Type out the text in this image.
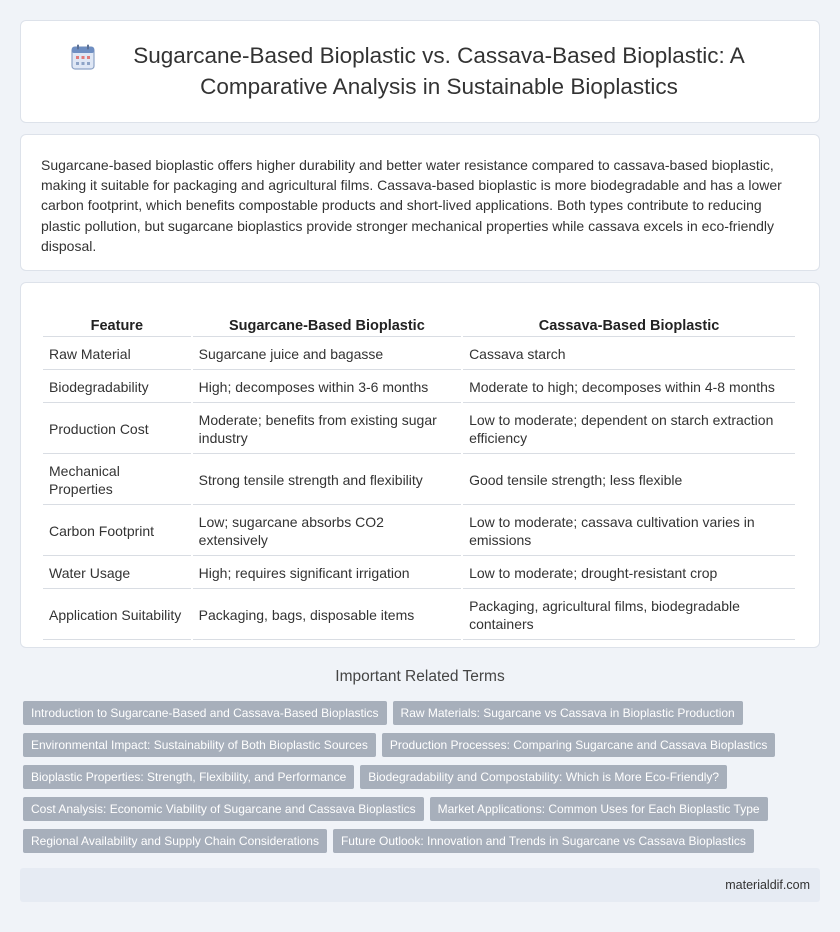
Sugarcane-Based Bioplastic vs. Cassava-Based Bioplastic: A Comparative Analysis in Sustainable Bioplastics

Sugarcane-based bioplastic offers higher durability and better water resistance compared to cassava-based bioplastic, making it suitable for packaging and agricultural films. Cassava-based bioplastic is more biodegradable and has a lower carbon footprint, which benefits compostable products and short-lived applications. Both types contribute to reducing plastic pollution, but sugarcane bioplastics provide stronger mechanical properties while cassava excels in eco-friendly disposal.

Feature	Sugarcane-Based Bioplastic	Cassava-Based Bioplastic
Raw Material	Sugarcane juice and bagasse	Cassava starch
Biodegradability	High; decomposes within 3-6 months	Moderate to high; decomposes within 4-8 months
Production Cost	Moderate; benefits from existing sugar industry	Low to moderate; dependent on starch extraction efficiency
Mechanical Properties	Strong tensile strength and flexibility	Good tensile strength; less flexible
Carbon Footprint	Low; sugarcane absorbs CO2 extensively	Low to moderate; cassava cultivation varies in emissions
Water Usage	High; requires significant irrigation	Low to moderate; drought-resistant crop
Application Suitability	Packaging, bags, disposable items	Packaging, agricultural films, biodegradable containers
Important Related Terms
Introduction to Sugarcane-Based and Cassava-Based Bioplastics	Raw Materials: Sugarcane vs Cassava in Bioplastic Production
Environmental Impact: Sustainability of Both Bioplastic Sources	Production Processes: Comparing Sugarcane and Cassava Bioplastics
Bioplastic Properties: Strength, Flexibility, and Performance	Biodegradability and Compostability: Which is More Eco-Friendly?
Cost Analysis: Economic Viability of Sugarcane and Cassava Bioplastics	Market Applications: Common Uses for Each Bioplastic Type
Regional Availability and Supply Chain Considerations	Future Outlook: Innovation and Trends in Sugarcane vs Cassava Bioplastics
materialdif.com
